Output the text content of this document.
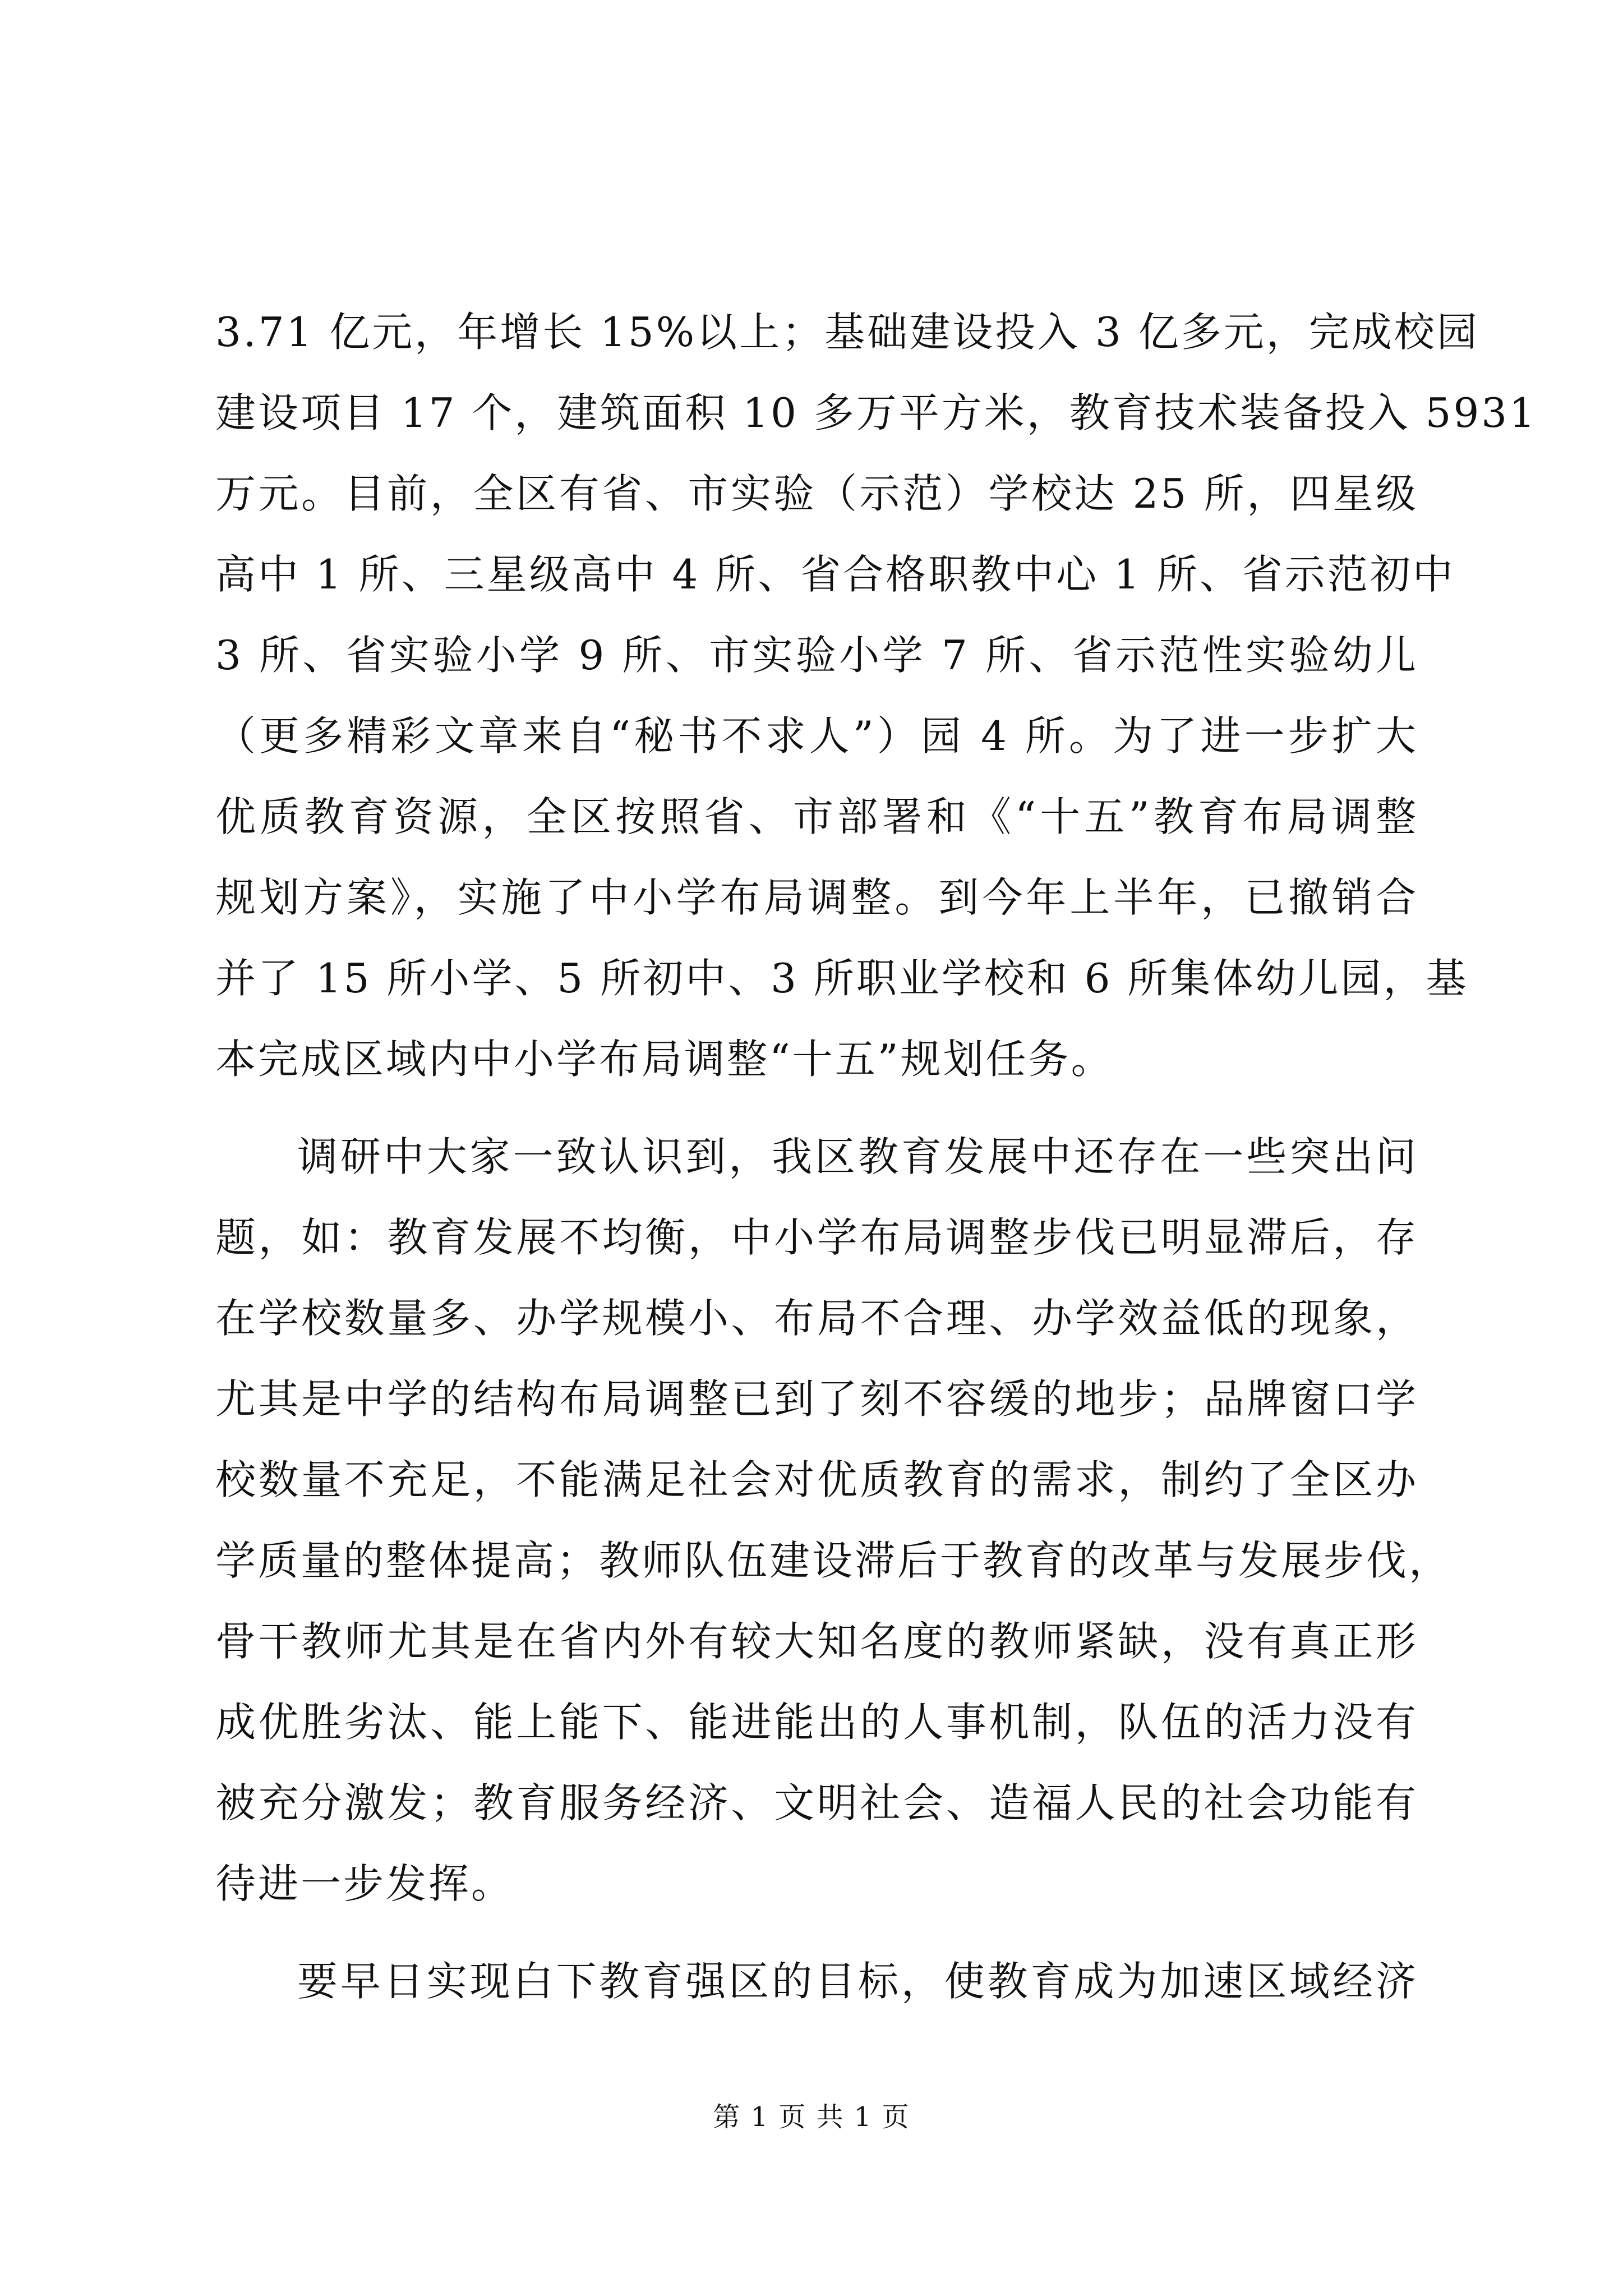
3.71 亿元，年增长 15%以上；基础建设投入 3 亿多元，完成校园
建设项目 17 个，建筑面积 10 多万平方米，教育技术装备投入 5931
万元。目前，全区有省、市实验（示范）学校达 25 所，四星级
高中 1 所、三星级高中 4 所、省合格职教中心 1 所、省示范初中
3 所、省实验小学 9 所、市实验小学 7 所、省示范性实验幼儿
（更多精彩文章来自“秘书不求人”）园 4 所。为了进一步扩大
优质教育资源，全区按照省、市部署和《“十五”教育布局调整
规划方案》，实施了中小学布局调整。到今年上半年，已撤销合
并了 15 所小学、5 所初中、3 所职业学校和 6 所集体幼儿园，基
本完成区域内中小学布局调整“十五”规划任务。
调研中大家一致认识到，我区教育发展中还存在一些突出问
题，如：教育发展不均衡，中小学布局调整步伐已明显滞后，存
在学校数量多、办学规模小、布局不合理、办学效益低的现象，
尤其是中学的结构布局调整已到了刻不容缓的地步；品牌窗口学
校数量不充足，不能满足社会对优质教育的需求，制约了全区办
学质量的整体提高；教师队伍建设滞后于教育的改革与发展步伐，
骨干教师尤其是在省内外有较大知名度的教师紧缺，没有真正形
成优胜劣汰、能上能下、能进能出的人事机制，队伍的活力没有
被充分激发；教育服务经济、文明社会、造福人民的社会功能有
待进一步发挥。
要早日实现白下教育强区的目标，使教育成为加速区域经济
第 1 页 共 1 页
